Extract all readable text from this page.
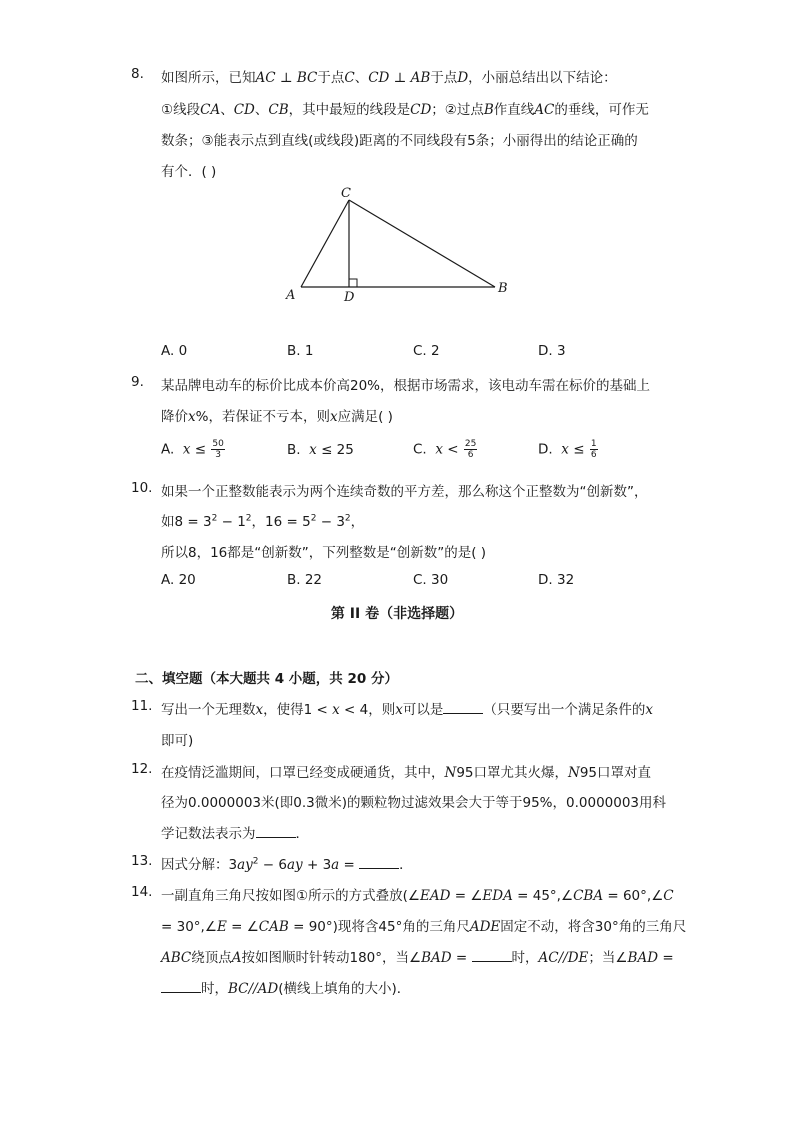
8. 如图所示，已知AC ⊥ BC于点C、CD ⊥ AB于点D，小丽总结出以下结论：
①线段CA、CD、CB，其中最短的线段是CD；②过点B作直线AC的垂线，可作无
数条；③能表示点到直线(或线段)距离的不同线段有5条；小丽得出的结论正确的
有个．( )
C
A	D
B
A. 0	B. 1	C. 2	D. 3
9. 某品牌电动车的标价比成本价高20%，根据市场需求，该电动车需在标价的基础上
降价x%，若保证不亏本，则x应满足( )
A. $x \le \frac{50}{3}$	B. x ≤ 25	C. $x < \frac{25}{6}$	D. $x \le \frac{1}{6}$
10. 如果一个正整数能表示为两个连续奇数的平方差，那么称这个正整数为“创新数”，
如$8 = 3^2 - 1^2$，$16 = 5^2 - 3^2$，
所以8，16都是“创新数”，下列整数是“创新数”的是( )
A. 20	B. 22	C. 30	D. 32
第 II 卷（非选择题）
二、填空题（本大题共 4 小题，共 20 分）
11. 写出一个无理数x，使得1 < x < 4，则x可以是	（只要写出一个满足条件的x
即可)
12. 在疫情泛滥期间，口罩已经变成硬通货，其中，N95口罩尤其火爆，N95口罩对直
径为0.0000003米(即0.3微米)的颗粒物过滤效果会大于等于95%，0.0000003用科
学记数法表示为	．
13. 因式分解：$3ay^2 - 6ay + 3a$ =	．
14. 一副直角三角尺按如图①所示的方式叠放(∠EAD = ∠EDA = 45°,∠CBA = 60°,∠C
= 30°,∠E = ∠CAB = 90°)现将含45°角的三角尺ADE固定不动，将含30°角的三角尺
ABC绕顶点A按如图顺时针转动180°，当∠BAD =	时，AC//DE；当∠BAD =
时，BC//AD(横线上填角的大小)．
